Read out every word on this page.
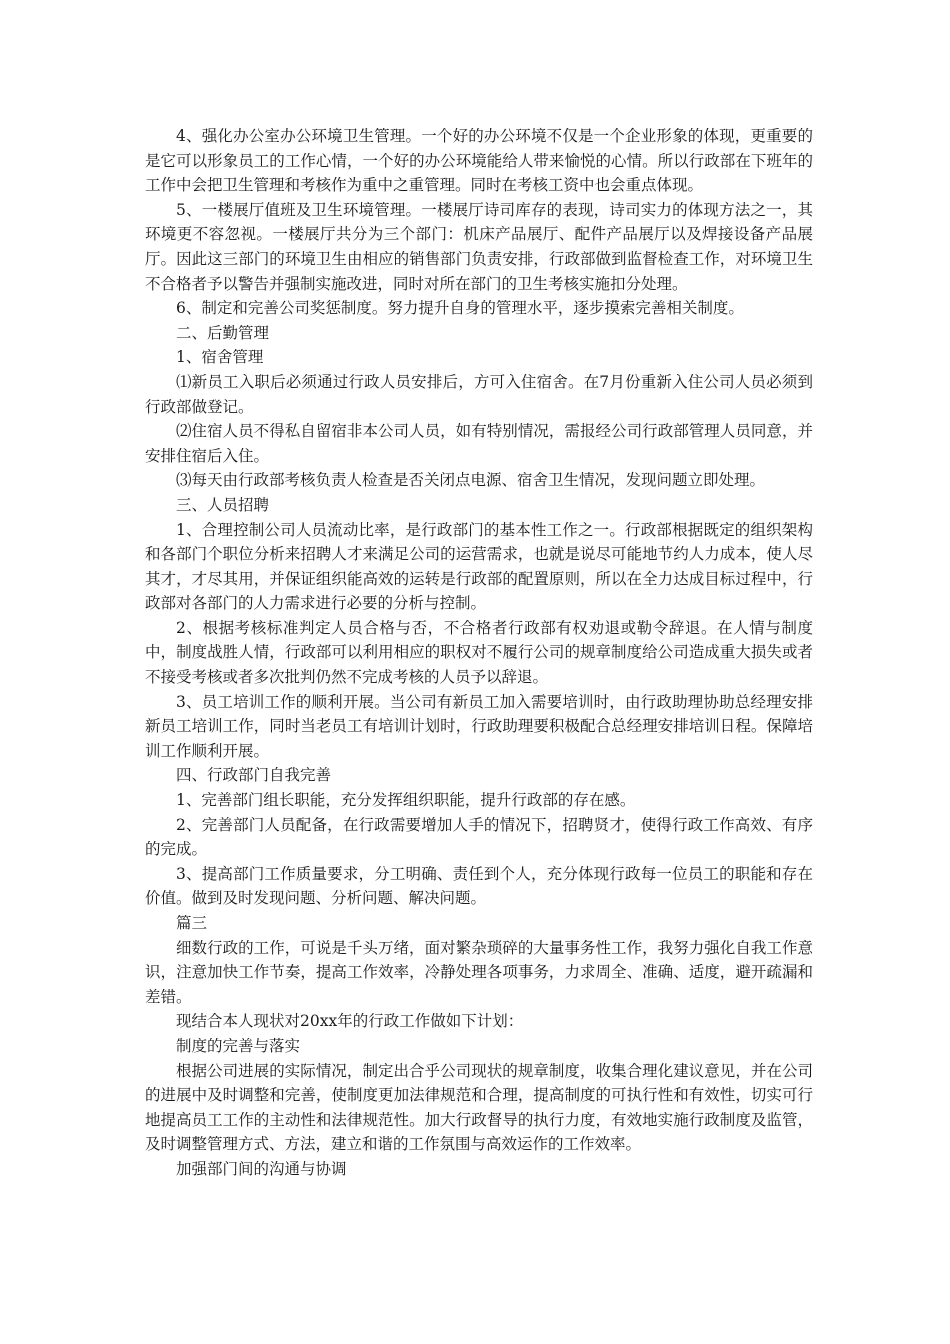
4、强化办公室办公环境卫生管理。一个好的办公环境不仅是一个企业形象的体现，更重要的是它可以形象员工的工作心情，一个好的办公环境能给人带来愉悦的心情。所以行政部在下班年的工作中会把卫生管理和考核作为重中之重管理。同时在考核工资中也会重点体现。

5、一楼展厅值班及卫生环境管理。一楼展厅诗司库存的表现，诗司实力的体现方法之一，其环境更不容忽视。一楼展厅共分为三个部门：机床产品展厅、配件产品展厅以及焊接设备产品展厅。因此这三部门的环境卫生由相应的销售部门负责安排，行政部做到监督检查工作，对环境卫生不合格者予以警告并强制实施改进，同时对所在部门的卫生考核实施扣分处理。

6、制定和完善公司奖惩制度。努力提升自身的管理水平，逐步摸索完善相关制度。

二、后勤管理

1、宿舍管理

⑴新员工入职后必须通过行政人员安排后，方可入住宿舍。在7月份重新入住公司人员必须到行政部做登记。

⑵住宿人员不得私自留宿非本公司人员，如有特别情况，需报经公司行政部管理人员同意，并安排住宿后入住。

⑶每天由行政部考核负责人检查是否关闭点电源、宿舍卫生情况，发现问题立即处理。

三、人员招聘

1、合理控制公司人员流动比率，是行政部门的基本性工作之一。行政部根据既定的组织架构和各部门个职位分析来招聘人才来满足公司的运营需求，也就是说尽可能地节约人力成本，使人尽其才，才尽其用，并保证组织能高效的运转是行政部的配置原则，所以在全力达成目标过程中，行政部对各部门的人力需求进行必要的分析与控制。

2、根据考核标准判定人员合格与否，不合格者行政部有权劝退或勒令辞退。在人情与制度中，制度战胜人情，行政部可以利用相应的职权对不履行公司的规章制度给公司造成重大损失或者不接受考核或者多次批判仍然不完成考核的人员予以辞退。

3、员工培训工作的顺利开展。当公司有新员工加入需要培训时，由行政助理协助总经理安排新员工培训工作，同时当老员工有培训计划时，行政助理要积极配合总经理安排培训日程。保障培训工作顺利开展。

四、行政部门自我完善

1、完善部门组长职能，充分发挥组织职能，提升行政部的存在感。

2、完善部门人员配备，在行政需要增加人手的情况下，招聘贤才，使得行政工作高效、有序的完成。

3、提高部门工作质量要求，分工明确、责任到个人，充分体现行政每一位员工的职能和存在价值。做到及时发现问题、分析问题、解决问题。

篇三

细数行政的工作，可说是千头万绪，面对繁杂琐碎的大量事务性工作，我努力强化自我工作意识，注意加快工作节奏，提高工作效率，冷静处理各项事务，力求周全、准确、适度，避开疏漏和差错。

现结合本人现状对20xx年的行政工作做如下计划：

制度的完善与落实

根据公司进展的实际情况，制定出合乎公司现状的规章制度，收集合理化建议意见，并在公司的进展中及时调整和完善，使制度更加法律规范和合理，提高制度的可执行性和有效性，切实可行地提高员工工作的主动性和法律规范性。加大行政督导的执行力度，有效地实施行政制度及监管，及时调整管理方式、方法，建立和谐的工作氛围与高效运作的工作效率。

加强部门间的沟通与协调
